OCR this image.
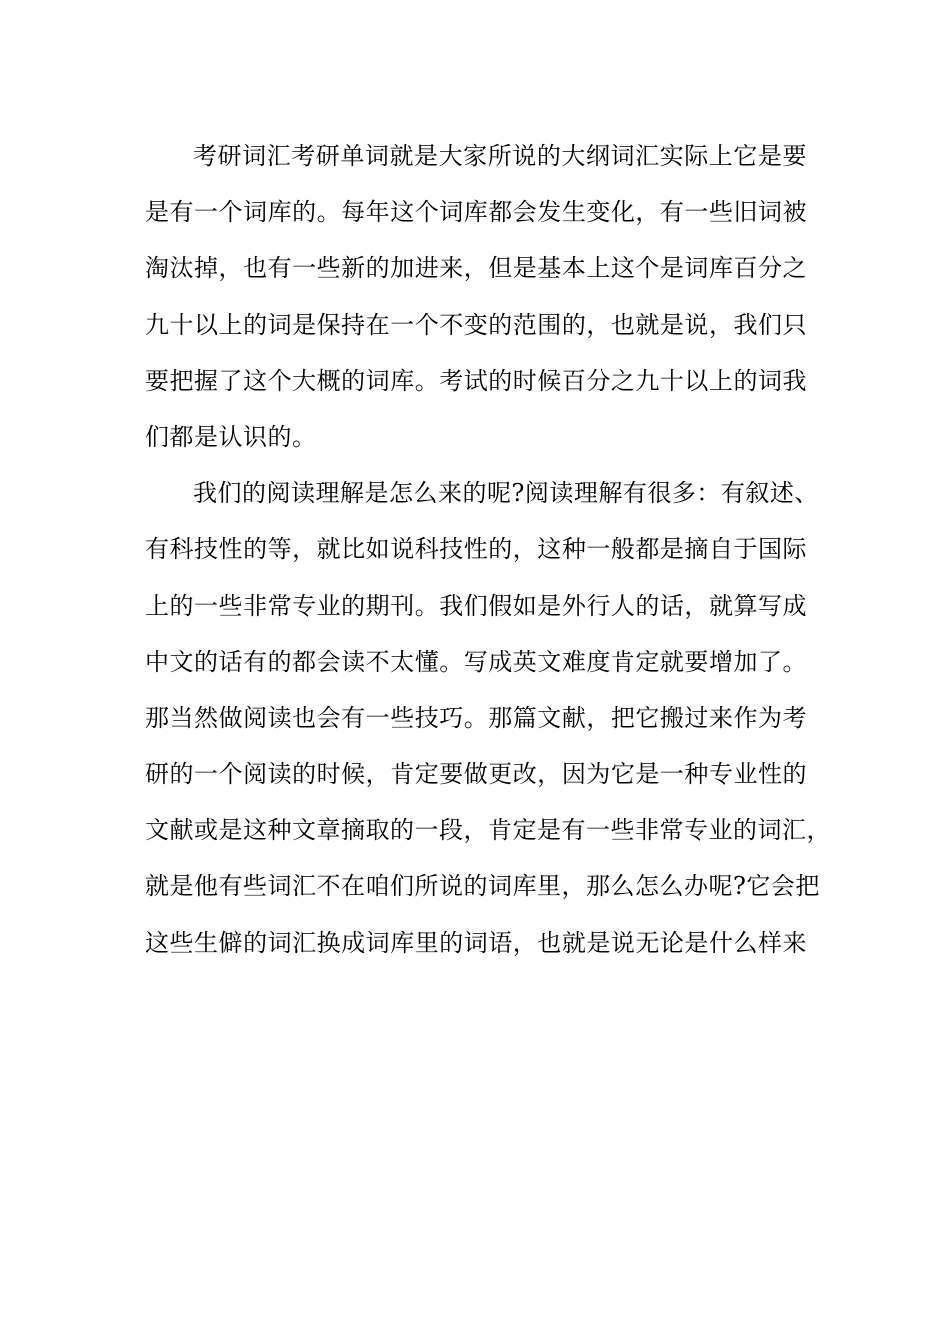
考研词汇考研单词就是大家所说的大纲词汇实际上它是要
是有一个词库的。每年这个词库都会发生变化，有一些旧词被
淘汰掉，也有一些新的加进来，但是基本上这个是词库百分之
九十以上的词是保持在一个不变的范围的，也就是说，我们只
要把握了这个大概的词库。考试的时候百分之九十以上的词我
们都是认识的。
我们的阅读理解是怎么来的呢?阅读理解有很多：有叙述、
有科技性的等，就比如说科技性的，这种一般都是摘自于国际
上的一些非常专业的期刊。我们假如是外行人的话，就算写成
中文的话有的都会读不太懂。写成英文难度肯定就要增加了。
那当然做阅读也会有一些技巧。那篇文献，把它搬过来作为考
研的一个阅读的时候，肯定要做更改，因为它是一种专业性的
文献或是这种文章摘取的一段，肯定是有一些非常专业的词汇，
就是他有些词汇不在咱们所说的词库里，那么怎么办呢?它会把
这些生僻的词汇换成词库里的词语，也就是说无论是什么样来
